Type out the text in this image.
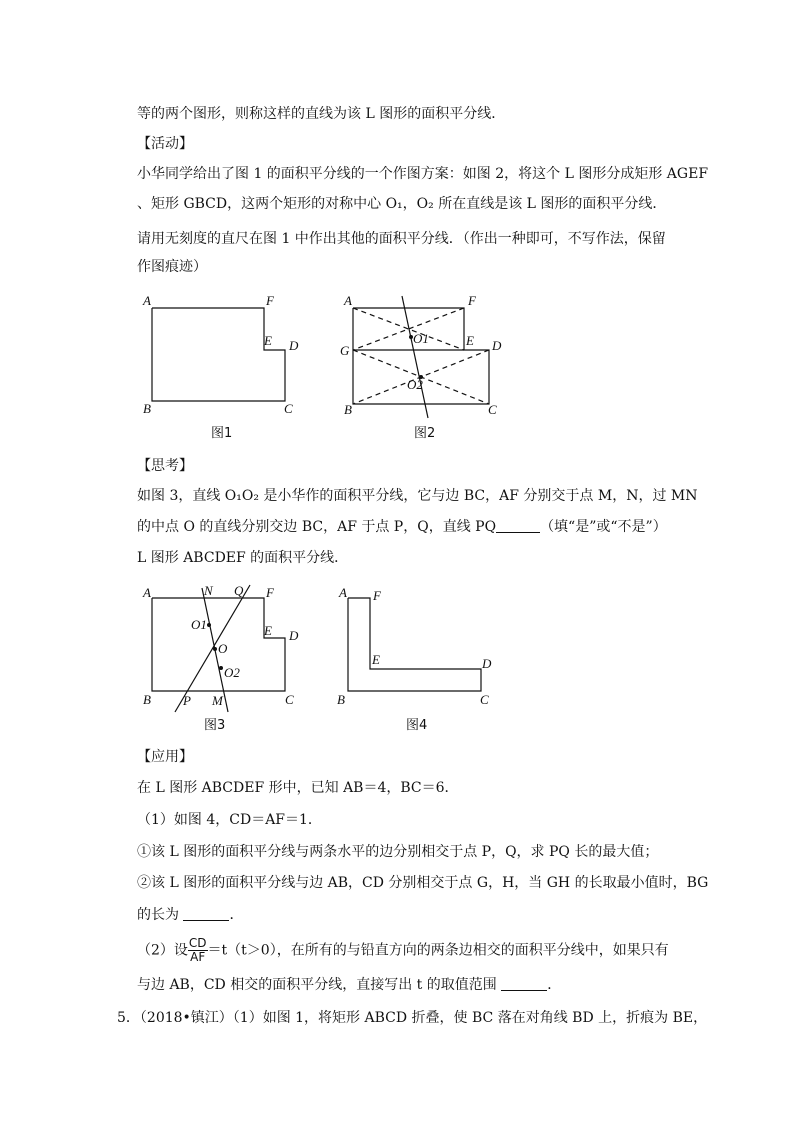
等的两个图形，则称这样的直线为该 L 图形的面积平分线．
【活动】
小华同学给出了图 1 的面积平分线的一个作图方案：如图 2，将这个 L 图形分成矩形 AGEF
、矩形 GBCD，这两个矩形的对称中心 O₁，O₂ 所在直线是该 L 图形的面积平分线．
请用无刻度的直尺在图 1 中作出其他的面积平分线．（作出一种即可，不写作法，保留
作图痕迹）
【思考】
如图 3，直线 O₁O₂ 是小华作的面积平分线，它与边 BC，AF 分别交于点 M，N，过 MN
的中点 O 的直线分别交边 BC，AF 于点 P，Q，直线 PQ	（填“是”或“不是”）
L 图形 ABCDEF 的面积平分线．
【应用】
在 L 图形 ABCDEF 形中，已知 AB＝4，BC＝6．
（1）如图 4，CD＝AF＝1．
①该 L 图形的面积平分线与两条水平的边分别相交于点 P，Q，求 PQ 长的最大值；
②该 L 图形的面积平分线与边 AB，CD 分别相交于点 G，H，当 GH 的长取最小值时，BG
的长为	．
（2）设 $\frac{CD}{AF} =t(t>0)$，在所有的与铅直方向的两条边相交的面积平分线中，如果只有
与边 AB，CD 相交的面积平分线，直接写出 t 的取值范围	．
5．（2018•镇江）（1）如图 1，将矩形 ABCD 折叠，使 BC 落在对角线 BD 上，折痕为 BE，
A	F
E D
B	C
图1
A	F
E D
G
B	C
O1
O2
图2
A	N Q F
E D
O1
O
O2
B P M	C
图3
A F
E	D
B	C
图4
